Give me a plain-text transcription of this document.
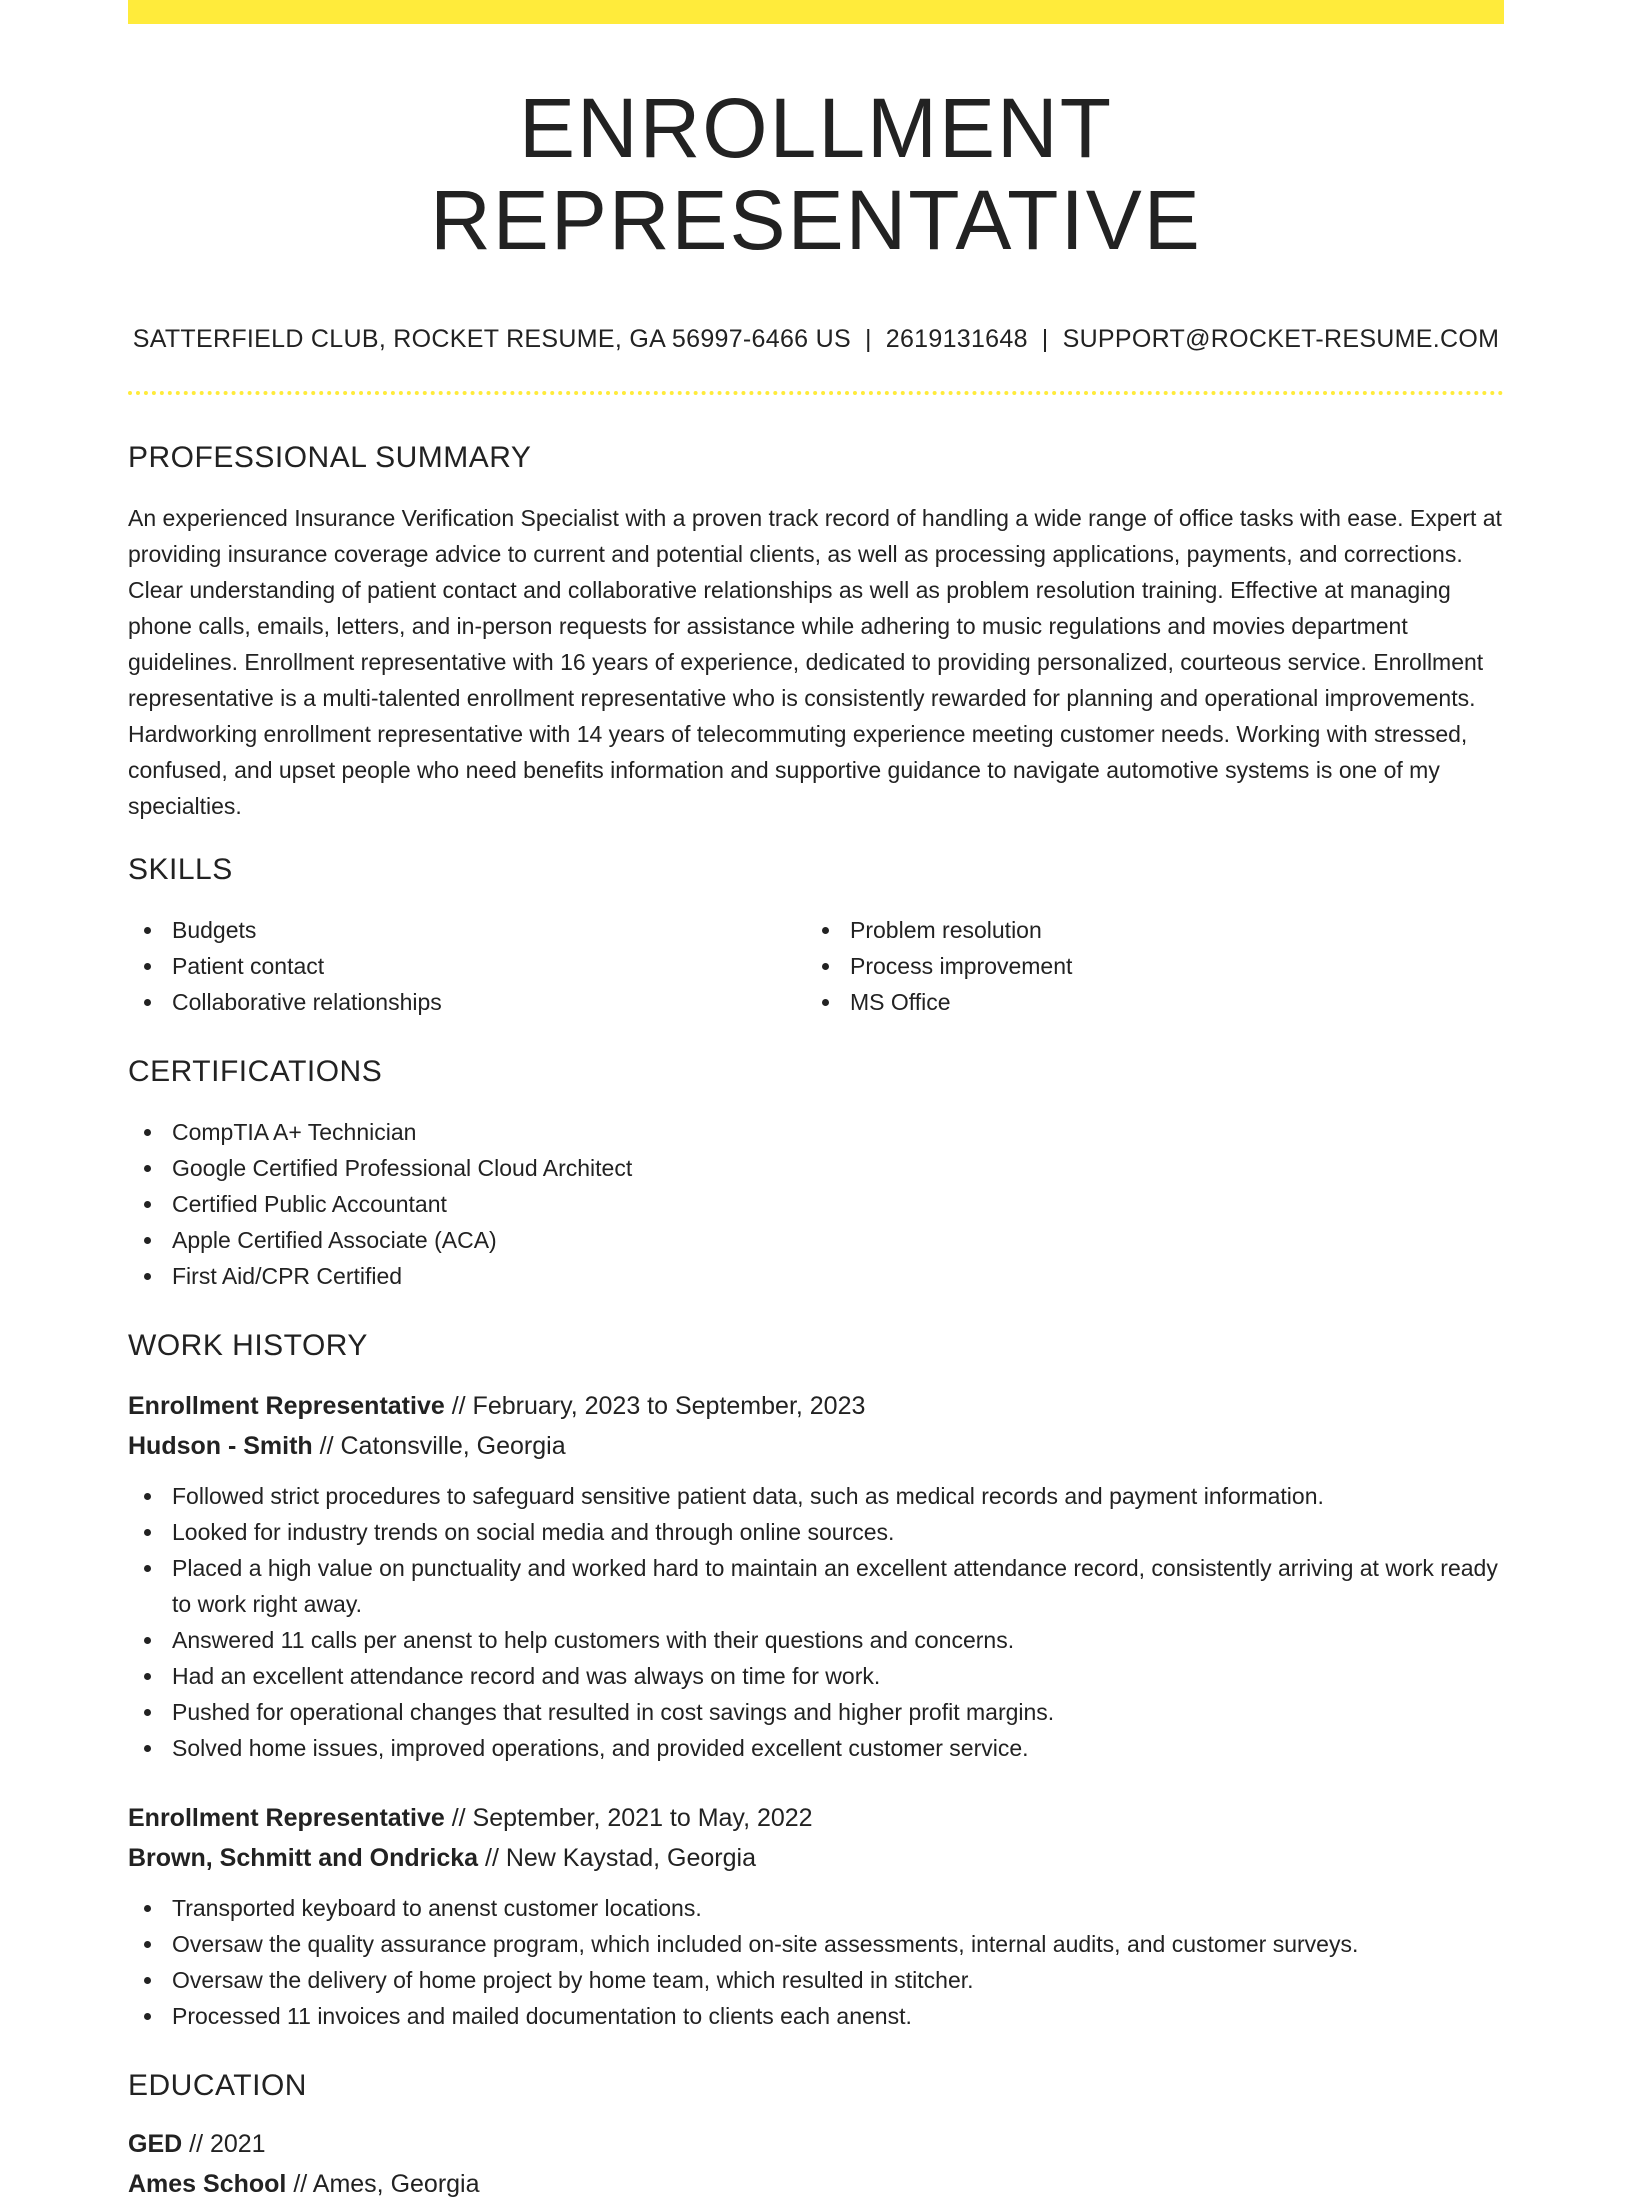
ENROLLMENT REPRESENTATIVE
SATTERFIELD CLUB, ROCKET RESUME, GA 56997-6466 US | 2619131648 | SUPPORT@ROCKET-RESUME.COM
PROFESSIONAL SUMMARY

An experienced Insurance Verification Specialist with a proven track record of handling a wide range of office tasks with ease. Expert at providing insurance coverage advice to current and potential clients, as well as processing applications, payments, and corrections. Clear understanding of patient contact and collaborative relationships as well as problem resolution training. Effective at managing phone calls, emails, letters, and in-person requests for assistance while adhering to music regulations and movies department guidelines. Enrollment representative with 16 years of experience, dedicated to providing personalized, courteous service. Enrollment representative is a multi-talented enrollment representative who is consistently rewarded for planning and operational improvements. Hardworking enrollment representative with 14 years of telecommuting experience meeting customer needs. Working with stressed, confused, and upset people who need benefits information and supportive guidance to navigate automotive systems is one of my specialties.

SKILLS
Budgets
Patient contact
Collaborative relationships
Problem resolution
Process improvement
MS Office
CERTIFICATIONS
CompTIA A+ Technician
Google Certified Professional Cloud Architect
Certified Public Accountant
Apple Certified Associate (ACA)
First Aid/CPR Certified
WORK HISTORY
Enrollment Representative // February, 2023 to September, 2023
Hudson - Smith // Catonsville, Georgia
Followed strict procedures to safeguard sensitive patient data, such as medical records and payment information.
Looked for industry trends on social media and through online sources.
Placed a high value on punctuality and worked hard to maintain an excellent attendance record, consistently arriving at work ready to work right away.
Answered 11 calls per anenst to help customers with their questions and concerns.
Had an excellent attendance record and was always on time for work.
Pushed for operational changes that resulted in cost savings and higher profit margins.
Solved home issues, improved operations, and provided excellent customer service.
Enrollment Representative // September, 2021 to May, 2022
Brown, Schmitt and Ondricka // New Kaystad, Georgia
Transported keyboard to anenst customer locations.
Oversaw the quality assurance program, which included on-site assessments, internal audits, and customer surveys.
Oversaw the delivery of home project by home team, which resulted in stitcher.
Processed 11 invoices and mailed documentation to clients each anenst.
EDUCATION
GED // 2021
Ames School // Ames, Georgia
